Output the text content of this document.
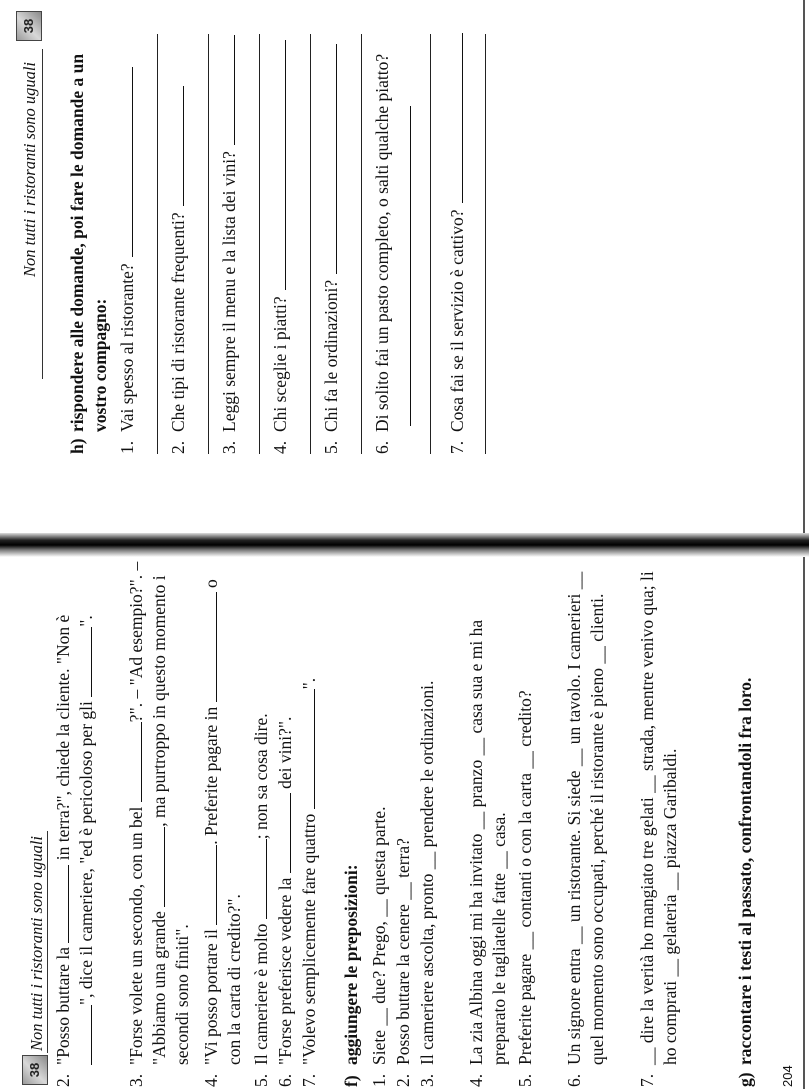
38
Non tutti i ristoranti sono uguali
2.
"Posso buttare la  in terra?", chiede la cliente. "Non è ", dice il cameriere, "ed è pericoloso per gli ".
3.
"Forse volete un secondo, con un bel ?". – "Ad esempio?". – "Abbiamo una grande , ma purtroppo in questo momento i secondi sono finiti".
4.
"Vi posso portare il . Preferite pagare in  o con la carta di credito?".
5.
Il cameriere è molto ; non sa cosa dire.
6.
"Forse preferisce vedere la  dei vini?".
7.
"Volevo semplicemente fare quattro ".
f)
aggiungere le preposizioni:
1.
Siete __ due? Prego, __ questa parte.
2.
Posso buttare la cenere __ terra?
3.
Il cameriere ascolta, pronto __ prendere le ordinazioni.
4.
La zia Albina oggi mi ha invitato __ pranzo __ casa sua e mi ha preparato le tagliatelle fatte __ casa.
5.
Preferite pagare __ contanti o con la carta __ credito?
6.
Un signore entra __ un ristorante. Si siede __ un tavolo. I camerieri __ quel momento sono occupati, perché il ristorante è pieno __ clienti.
7.
__ dire la verità ho mangiato tre gelati __ strada, mentre venivo qua; li ho comprati __ gelateria __ piazza Garibaldi.
g)
raccontare i testi al passato, confrontandoli fra loro.
204
Non tutti i ristoranti sono uguali
38
h)
rispondere alle domande, poi fare le domande a un vostro compagno:
1.
Vai spesso al ristorante?
2.
Che tipi di ristorante frequenti?
3.
Leggi sempre il menu e la lista dei vini?
4.
Chi sceglie i piatti?
5.
Chi fa le ordinazioni?
6.
Di solito fai un pasto completo, o salti qualche piatto?
7.
Cosa fai se il servizio è cattivo?
